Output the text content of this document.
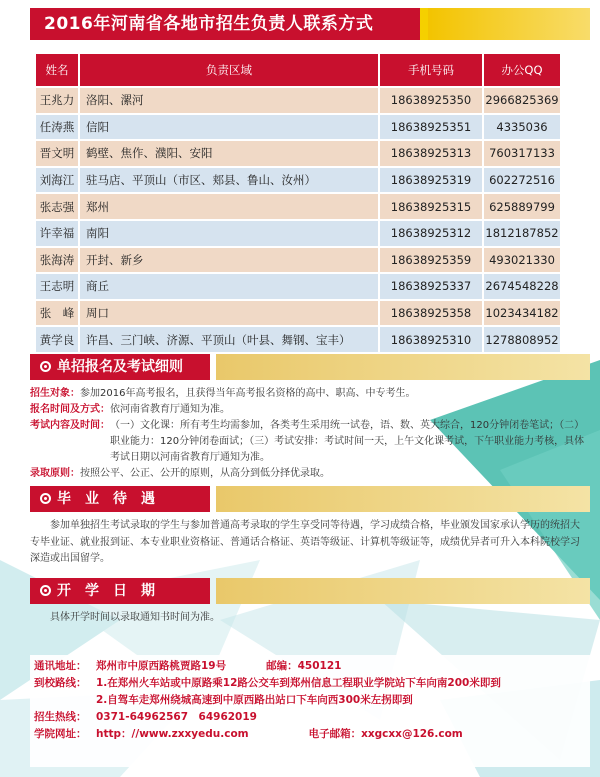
2016年河南省各地市招生负责人联系方式
姓名	负责区域	手机号码	办公QQ
王兆力	洛阳、漯河	18638925350	2966825369
任涛燕	信阳	18638925351	4335036
晋文明	鹤壁、焦作、濮阳、安阳	18638925313	760317133
刘海江	驻马店、平顶山（市区、郏县、鲁山、汝州）	18638925319	602272516
张志强	郑州	18638925315	625889799
许幸福	南阳	18638925312	1812187852
张海涛	开封、新乡	18638925359	493021330
王志明	商丘	18638925337	2674548228
张　峰	周口	18638925358	1023434182
黄学良	许昌、三门峡、济源、平顶山（叶县、舞钢、宝丰）	18638925310	1278808952
单招报名及考试细则
招生对象： 参加2016年高考报名，且获得当年高考报名资格的高中、职高、中专考生。
报名时间及方式： 依河南省教育厅通知为准。
考试内容及时间： （一）文化课：所有考生均需参加，各类考生采用统一试卷，语、数、英大综合，120分钟闭卷笔试；（二）职业能力：120分钟闭卷面试；（三）考试安排：考试时间一天，上午文化课考试，下午职业能力考核，具体考试日期以河南省教育厅通知为准。
录取原则： 按照公平、公正、公开的原则，从高分到低分择优录取。
毕　业　待　遇
参加单独招生考试录取的学生与参加普通高考录取的学生享受同等待遇，学习成绩合格，毕业颁发国家承认学历的统招大专毕业证、就业报到证、本专业职业资格证、普通话合格证、英语等级证、计算机等级证等，成绩优异者可升入本科院校学习深造或出国留学。
开　学　日　期
具体开学时间以录取通知书时间为准。
通讯地址： 郑州市中原西路桃贾路19号	邮编： 450121
到校路线： 1.在郑州火车站或中原路乘12路公交车到郑州信息工程职业学院站下车向南200米即到
2.自驾车走郑州绕城高速到中原西路出站口下车向西300米左拐即到
招生热线： 0371-64962567　64962019
学院网址： http：//www.zxxyedu.com	电子邮箱： xxgcxx@126.com
